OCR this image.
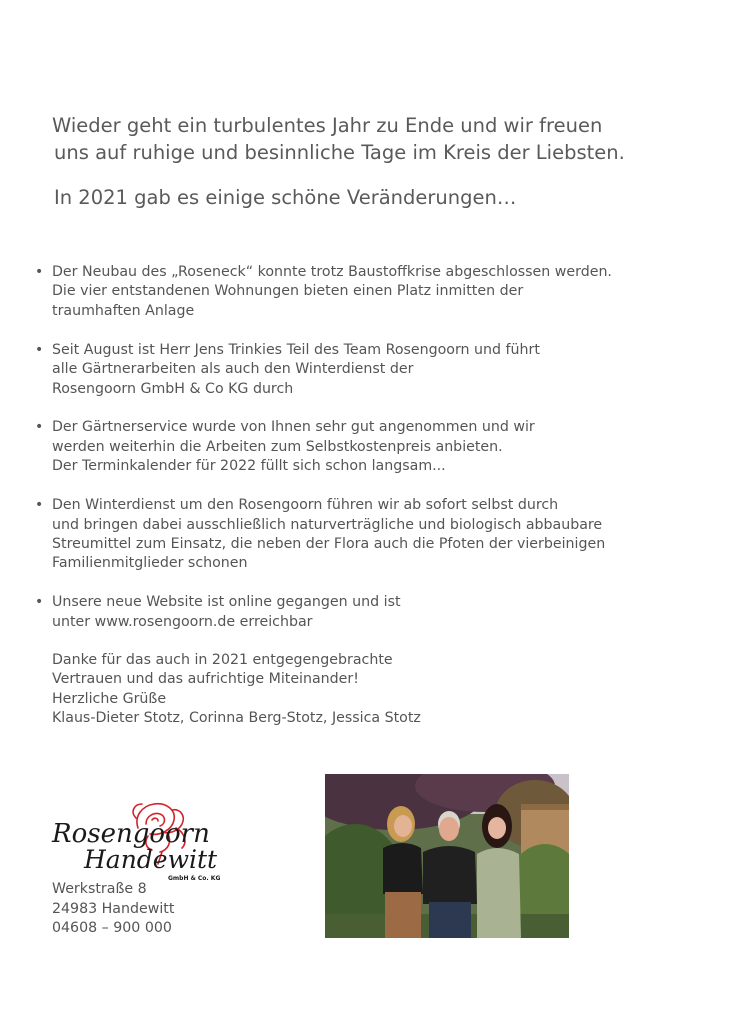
Wieder geht ein turbulentes Jahr zu Ende und wir freuen

uns auf ruhige und besinnliche Tage im Kreis der Liebsten.

In 2021 gab es einige schöne Veränderungen…

• Der Neubau des „Roseneck“ konnte trotz Baustoffkrise abgeschlossen werden.
Die vier entstandenen Wohnungen bieten einen Platz inmitten der
traumhaften Anlage
• Seit August ist Herr Jens Trinkies Teil des Team Rosengoorn und führt
alle Gärtnerarbeiten als auch den Winterdienst der
Rosengoorn GmbH & Co KG durch
• Der Gärtnerservice wurde von Ihnen sehr gut angenommen und wir
werden weiterhin die Arbeiten zum Selbstkostenpreis anbieten.
Der Terminkalender für 2022 füllt sich schon langsam...
• Den Winterdienst um den Rosengoorn führen wir ab sofort selbst durch
und bringen dabei ausschließlich naturverträgliche und biologisch abbaubare
Streumittel zum Einsatz, die neben der Flora auch die Pfoten der vierbeinigen
Familienmitglieder schonen
• Unsere neue Website ist online gegangen und ist
unter www.rosengoorn.de erreichbar
Danke für das auch in 2021 entgegengebrachte
Vertrauen und das aufrichtige Miteinander!
Herzliche Grüße
Klaus-Dieter Stotz, Corinna Berg-Stotz, Jessica Stotz
Rosengoorn
Handewitt
GmbH & Co. KG
Werkstraße 8
24983 Handewitt
04608 – 900 000
